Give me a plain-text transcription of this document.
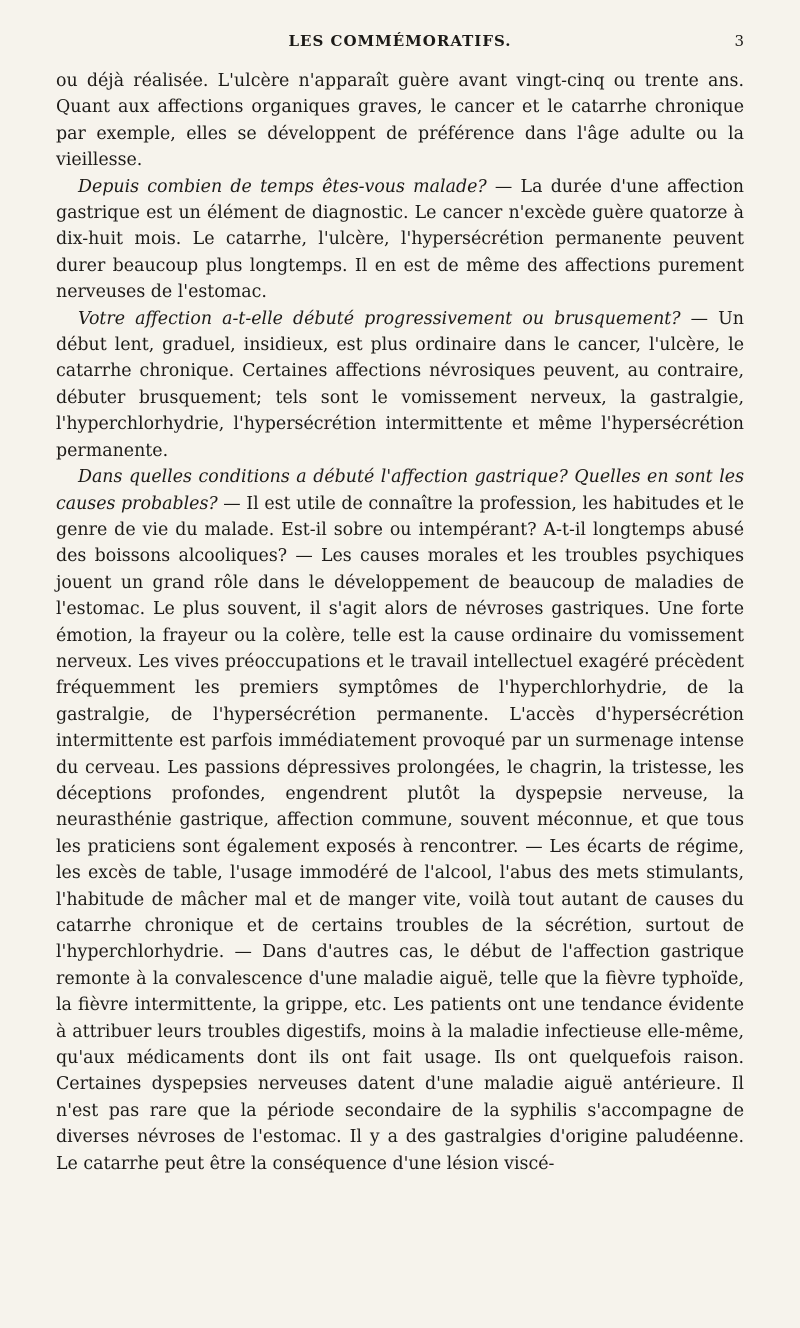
LES COMMÉMORATIFS.	3

ou déjà réalisée. L'ulcère n'apparaît guère avant vingt-cinq ou trente ans. Quant aux affections organiques graves, le cancer et le catarrhe chronique par exemple, elles se développent de préférence dans l'âge adulte ou la vieillesse.

Depuis combien de temps êtes-vous malade? — La durée d'une affection gastrique est un élément de diagnostic. Le cancer n'excède guère quatorze à dix-huit mois. Le catarrhe, l'ulcère, l'hypersécrétion permanente peuvent durer beaucoup plus longtemps. Il en est de même des affections purement nerveuses de l'estomac.

Votre affection a-t-elle débuté progressivement ou brusquement? — Un début lent, graduel, insidieux, est plus ordinaire dans le cancer, l'ulcère, le catarrhe chronique. Certaines affections névrosiques peuvent, au contraire, débuter brusquement; tels sont le vomissement nerveux, la gastralgie, l'hyperchlorhydrie, l'hypersécrétion intermittente et même l'hypersécrétion permanente.

Dans quelles conditions a débuté l'affection gastrique? Quelles en sont les causes probables? — Il est utile de connaître la profession, les habitudes et le genre de vie du malade. Est-il sobre ou intempérant? A-t-il longtemps abusé des boissons alcooliques? — Les causes morales et les troubles psychiques jouent un grand rôle dans le développement de beaucoup de maladies de l'estomac. Le plus souvent, il s'agit alors de névroses gastriques. Une forte émotion, la frayeur ou la colère, telle est la cause ordinaire du vomissement nerveux. Les vives préoccupations et le travail intellectuel exagéré précèdent fréquemment les premiers symptômes de l'hyperchlorhydrie, de la gastralgie, de l'hypersécrétion permanente. L'accès d'hypersécrétion intermittente est parfois immédiatement provoqué par un surmenage intense du cerveau. Les passions dépressives prolongées, le chagrin, la tristesse, les déceptions profondes, engendrent plutôt la dyspepsie nerveuse, la neurasthénie gastrique, affection commune, souvent méconnue, et que tous les praticiens sont également exposés à rencontrer. — Les écarts de régime, les excès de table, l'usage immodéré de l'alcool, l'abus des mets stimulants, l'habitude de mâcher mal et de manger vite, voilà tout autant de causes du catarrhe chronique et de certains troubles de la sécrétion, surtout de l'hyperchlorhydrie. — Dans d'autres cas, le début de l'affection gastrique remonte à la convalescence d'une maladie aiguë, telle que la fièvre typhoïde, la fièvre intermittente, la grippe, etc. Les patients ont une tendance évidente à attribuer leurs troubles digestifs, moins à la maladie infectieuse elle-même, qu'aux médicaments dont ils ont fait usage. Ils ont quelquefois raison. Certaines dyspepsies nerveuses datent d'une maladie aiguë antérieure. Il n'est pas rare que la période secondaire de la syphilis s'accompagne de diverses névroses de l'estomac. Il y a des gastralgies d'origine paludéenne. Le catarrhe peut être la conséquence d'une lésion viscé-
